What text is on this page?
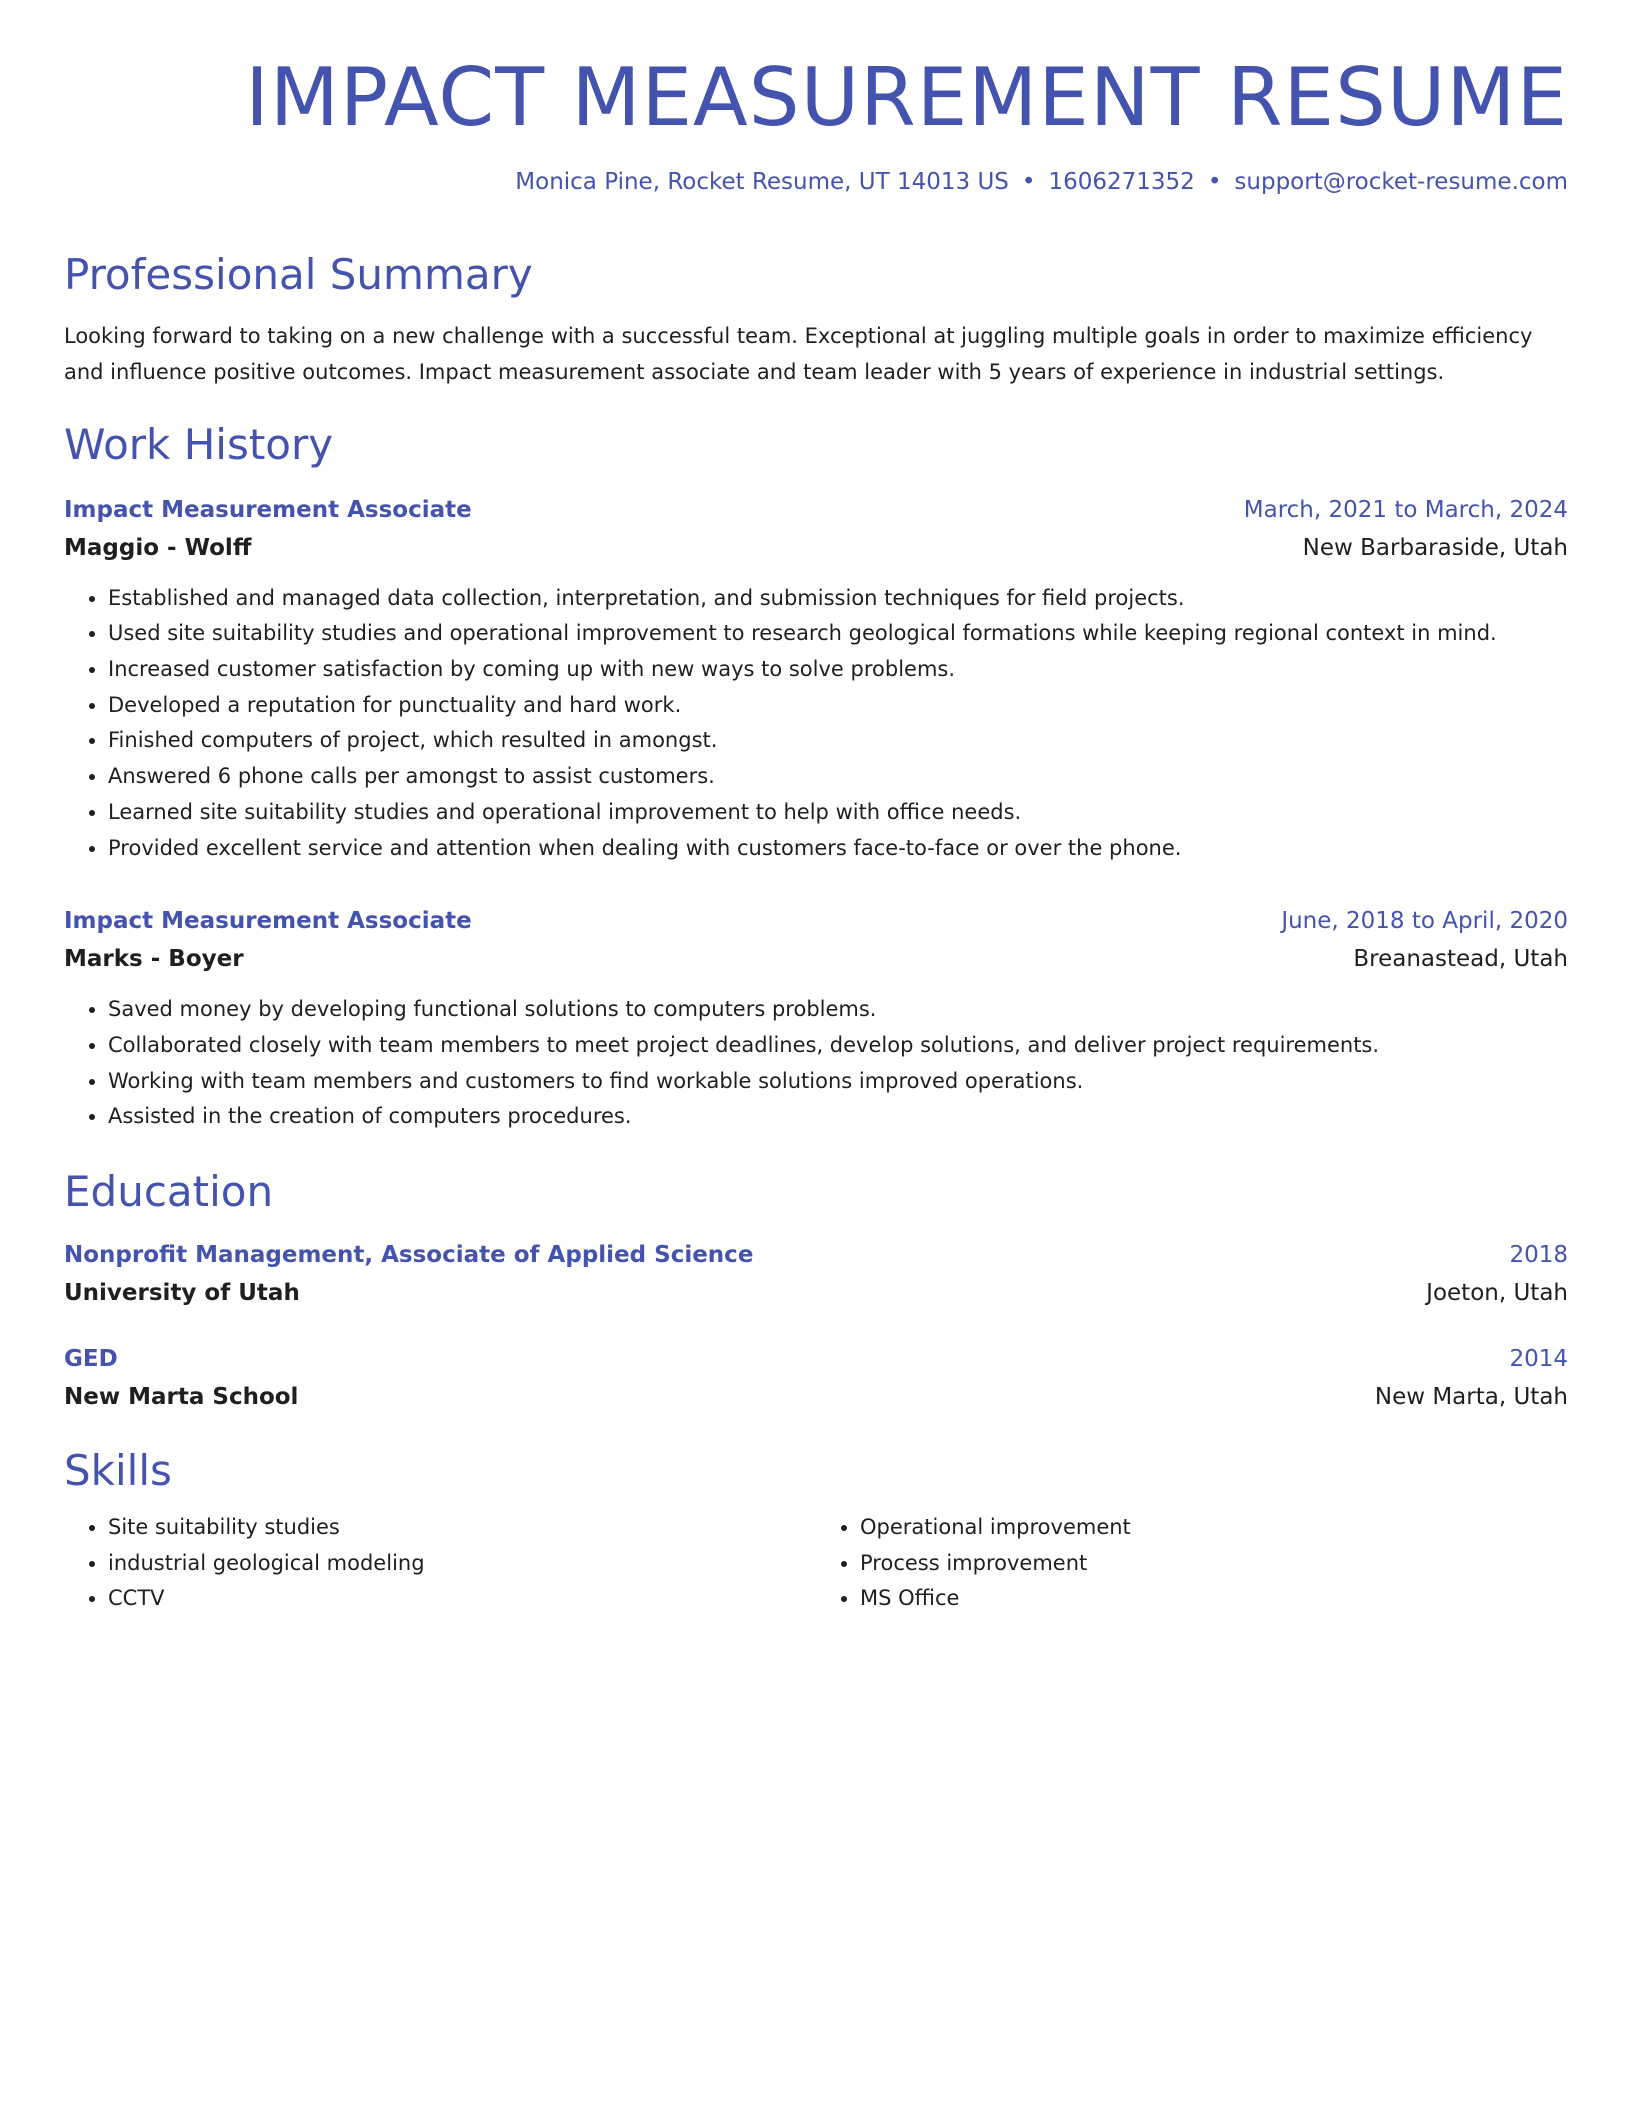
IMPACT MEASUREMENT RESUME
Monica Pine, Rocket Resume, UT 14013 US • 1606271352 • support@rocket-resume.com
Professional Summary

Looking forward to taking on a new challenge with a successful team. Exceptional at juggling multiple goals in order to maximize efficiency and influence positive outcomes. Impact measurement associate and team leader with 5 years of experience in industrial settings.

Work History
Impact Measurement Associate	March, 2021 to March, 2024
Maggio - Wolff	New Barbaraside, Utah
• Established and managed data collection, interpretation, and submission techniques for field projects.
• Used site suitability studies and operational improvement to research geological formations while keeping regional context in mind.
• Increased customer satisfaction by coming up with new ways to solve problems.
• Developed a reputation for punctuality and hard work.
• Finished computers of project, which resulted in amongst.
• Answered 6 phone calls per amongst to assist customers.
• Learned site suitability studies and operational improvement to help with office needs.
• Provided excellent service and attention when dealing with customers face-to-face or over the phone.
Impact Measurement Associate	June, 2018 to April, 2020
Marks - Boyer	Breanastead, Utah
• Saved money by developing functional solutions to computers problems.
• Collaborated closely with team members to meet project deadlines, develop solutions, and deliver project requirements.
• Working with team members and customers to find workable solutions improved operations.
• Assisted in the creation of computers procedures.
Education
Nonprofit Management, Associate of Applied Science	2018
University of Utah	Joeton, Utah
GED	2014
New Marta School	New Marta, Utah
Skills
• Site suitability studies
• industrial geological modeling
• CCTV
• Operational improvement
• Process improvement
• MS Office
